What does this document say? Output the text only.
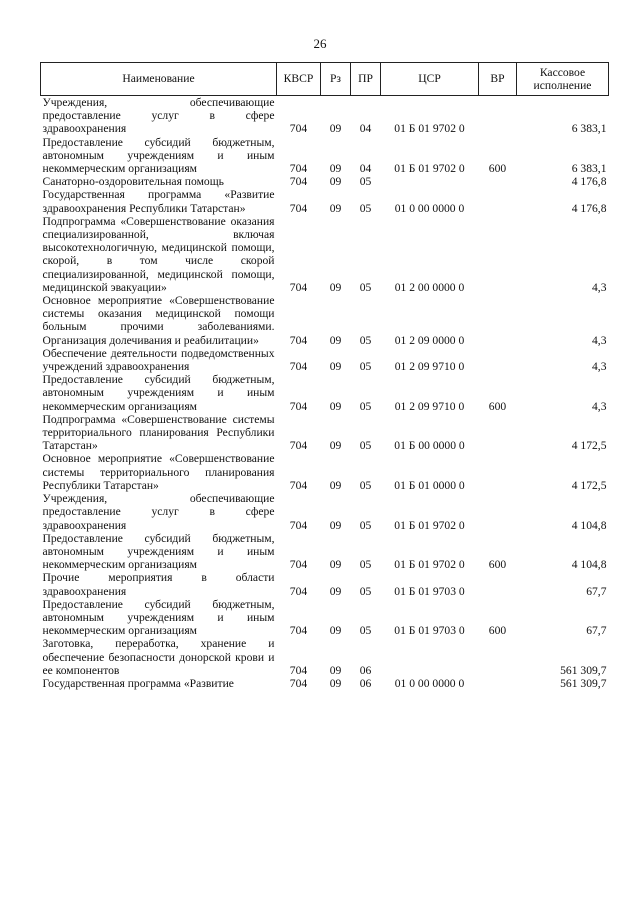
26
Наименование	КВСР	Рз	ПР	ЦСР	ВР	Кассовое исполнение
Учреждения, обеспечивающие предоставление услуг в сфере здравоохранения	704	09	04	01 Б 01 9702 0		6 383,1
Предоставление субсидий бюджетным, автономным учреждениям и иным некоммерческим организациям	704	09	04	01 Б 01 9702 0	600	6 383,1
Санаторно-оздоровительная помощь	704	09	05			4 176,8
Государственная программа «Развитие здравоохранения Республики Татарстан»	704	09	05	01 0 00 0000 0		4 176,8
Подпрограмма «Совершенствование оказания специализированной, включая высокотехнологичную, медицинской помощи, скорой, в том числе скорой специализированной, медицинской помощи, медицинской эвакуации»	704	09	05	01 2 00 0000 0		4,3
Основное мероприятие «Совершенствование системы оказания медицинской помощи больным прочими заболеваниями. Организация долечивания и реабилитации»	704	09	05	01 2 09 0000 0		4,3
Обеспечение деятельности подведомственных учреждений здравоохранения	704	09	05	01 2 09 9710 0		4,3
Предоставление субсидий бюджетным, автономным учреждениям и иным некоммерческим организациям	704	09	05	01 2 09 9710 0	600	4,3
Подпрограмма «Совершенствование системы территориального планирования Республики Татарстан»	704	09	05	01 Б 00 0000 0		4 172,5
Основное мероприятие «Совершенствование системы территориального планирования Республики Татарстан»	704	09	05	01 Б 01 0000 0		4 172,5
Учреждения, обеспечивающие предоставление услуг в сфере здравоохранения	704	09	05	01 Б 01 9702 0		4 104,8
Предоставление субсидий бюджетным, автономным учреждениям и иным некоммерческим организациям	704	09	05	01 Б 01 9702 0	600	4 104,8
Прочие мероприятия в области здравоохранения	704	09	05	01 Б 01 9703 0		67,7
Предоставление субсидий бюджетным, автономным учреждениям и иным некоммерческим организациям	704	09	05	01 Б 01 9703 0	600	67,7
Заготовка, переработка, хранение и обеспечение безопасности донорской крови и ее компонентов	704	09	06			561 309,7
Государственная программа «Развитие	704	09	06	01 0 00 0000 0		561 309,7
